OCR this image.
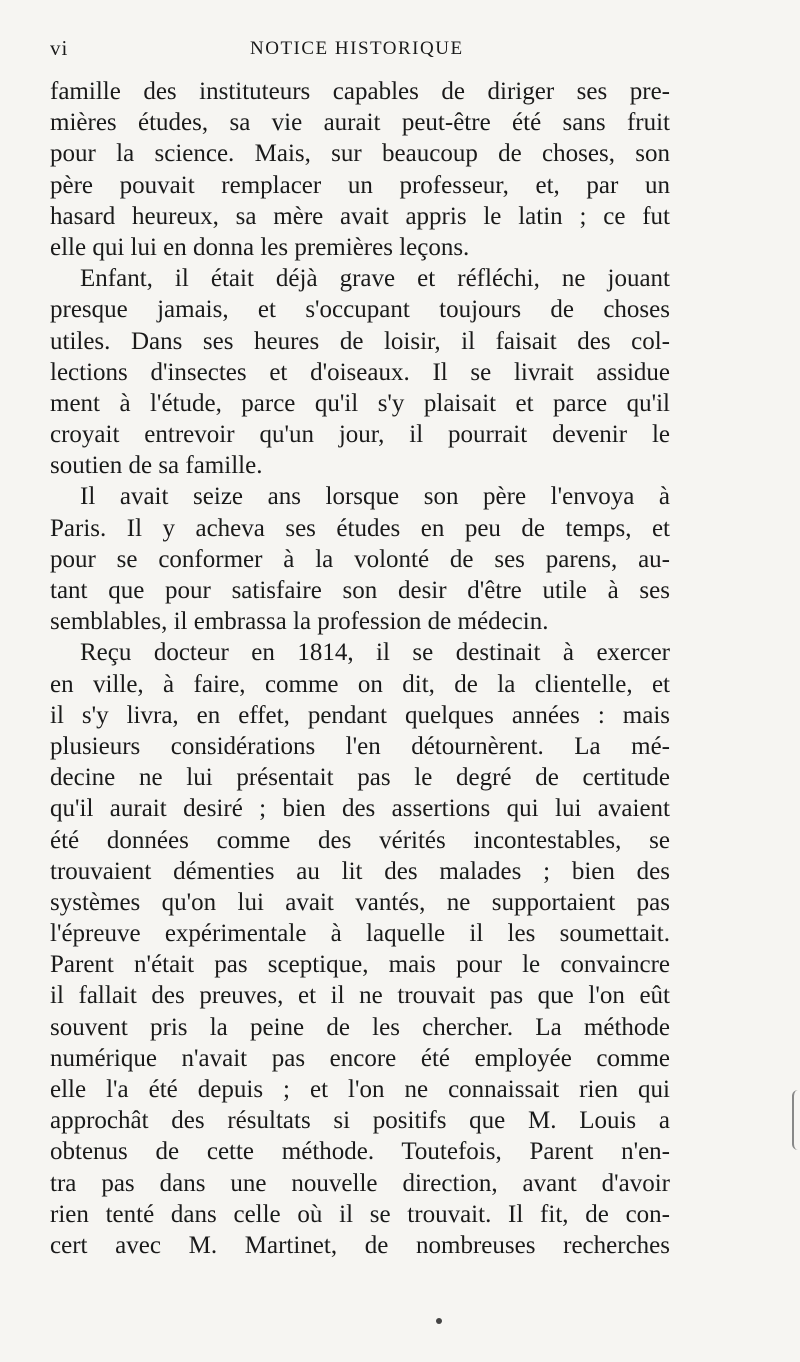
vi	NOTICE HISTORIQUE
famille des instituteurs capables de diriger ses pre-
mières études, sa vie aurait peut-être été sans fruit
pour la science. Mais, sur beaucoup de choses, son
père pouvait remplacer un professeur, et, par un
hasard heureux, sa mère avait appris le latin ; ce fut
elle qui lui en donna les premières leçons.
Enfant, il était déjà grave et réfléchi, ne jouant
presque jamais, et s'occupant toujours de choses
utiles. Dans ses heures de loisir, il faisait des col-
lections d'insectes et d'oiseaux. Il se livrait assidue
ment à l'étude, parce qu'il s'y plaisait et parce qu'il
croyait entrevoir qu'un jour, il pourrait devenir le
soutien de sa famille.
Il avait seize ans lorsque son père l'envoya à
Paris. Il y acheva ses études en peu de temps, et
pour se conformer à la volonté de ses parens, au-
tant que pour satisfaire son desir d'être utile à ses
semblables, il embrassa la profession de médecin.
Reçu docteur en 1814, il se destinait à exercer
en ville, à faire, comme on dit, de la clientelle, et
il s'y livra, en effet, pendant quelques années : mais
plusieurs considérations l'en détournèrent. La mé-
decine ne lui présentait pas le degré de certitude
qu'il aurait desiré ; bien des assertions qui lui avaient
été données comme des vérités incontestables, se
trouvaient démenties au lit des malades ; bien des
systèmes qu'on lui avait vantés, ne supportaient pas
l'épreuve expérimentale à laquelle il les soumettait.
Parent n'était pas sceptique, mais pour le convaincre
il fallait des preuves, et il ne trouvait pas que l'on eût
souvent pris la peine de les chercher. La méthode
numérique n'avait pas encore été employée comme
elle l'a été depuis ; et l'on ne connaissait rien qui
approchât des résultats si positifs que M. Louis a
obtenus de cette méthode. Toutefois, Parent n'en-
tra pas dans une nouvelle direction, avant d'avoir
rien tenté dans celle où il se trouvait. Il fit, de con-
cert avec M. Martinet, de nombreuses recherches
